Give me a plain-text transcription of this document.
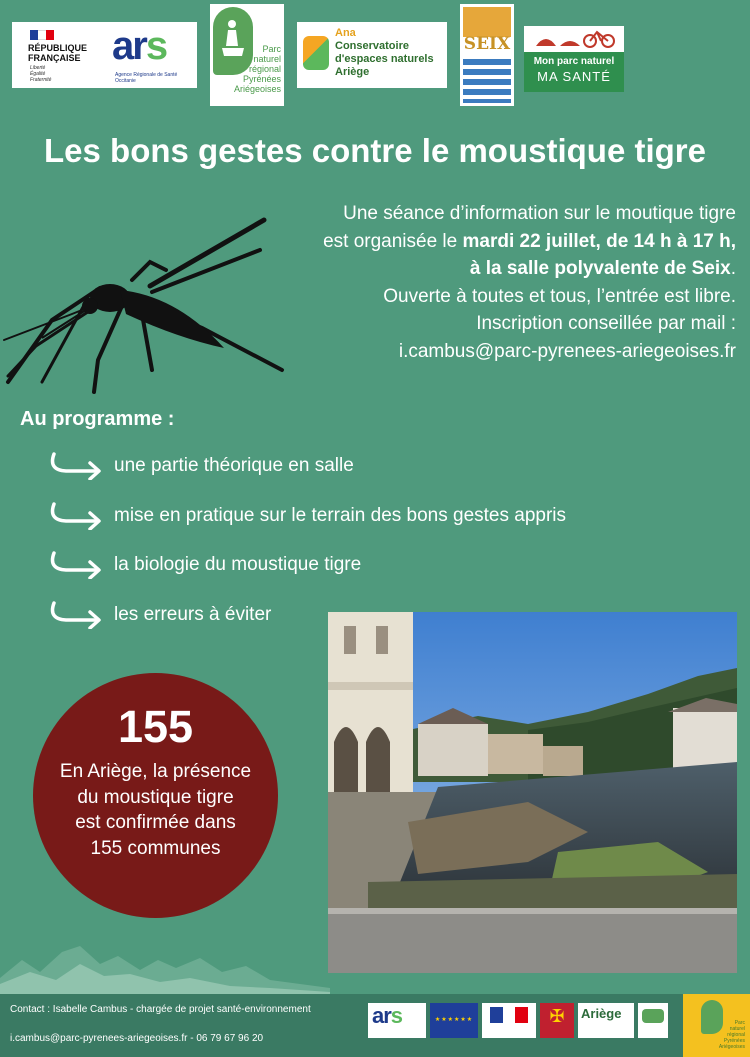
RÉPUBLIQUE FRANÇAISE
Liberté
Égalité
Fraternité
ars
Agence Régionale de Santé
Occitanie
Parc
naturel
régional
Pyrénées
Ariégeoises
Ana
Conservatoire
d'espaces naturels
Ariège
SEIX
Mon parc naturel
MA SANTÉ
Les bons gestes contre le moustique tigre
Une séance d’information sur le moutique tigre
est organisée le mardi 22 juillet, de 14 h à 17 h,
à la salle polyvalente de Seix.
Ouverte à toutes et tous, l’entrée est libre.
Inscription conseillée par mail :
i.cambus@parc-pyrenees-ariegeoises.fr
Au programme :
une partie théorique en salle
mise en pratique sur le terrain des bons gestes appris
la biologie du moustique tigre
les erreurs à éviter
155
En Ariège, la présence
du moustique tigre
est confirmée dans
155 communes
Contact : Isabelle Cambus - chargée de projet santé-environnement
i.cambus@parc-pyrenees-ariegeoises.fr - 06 79 67 96 20
ars	★★★★★★	✠	Ariège
Parc
naturel
régional
Pyrénées
Ariégeoises
